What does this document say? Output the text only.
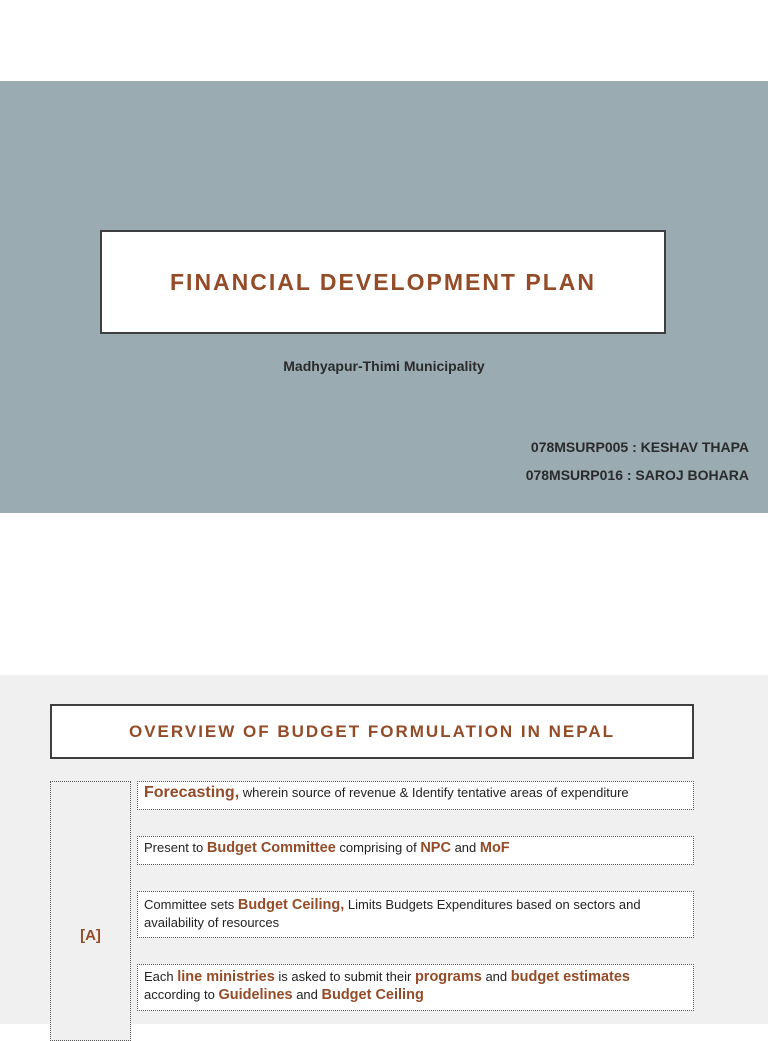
FINANCIAL DEVELOPMENT PLAN
Madhyapur-Thimi Municipality
078MSURP005 : KESHAV THAPA
078MSURP016 : SAROJ BOHARA
OVERVIEW OF BUDGET FORMULATION IN NEPAL
[A]
Forecasting, wherein source of revenue & Identify tentative areas of expenditure
Present to Budget Committee comprising of NPC and MoF
Committee sets Budget Ceiling, Limits Budgets Expenditures based on sectors and availability of resources
Each line ministries is asked to submit their programs and budget estimates
according to Guidelines and Budget Ceiling
